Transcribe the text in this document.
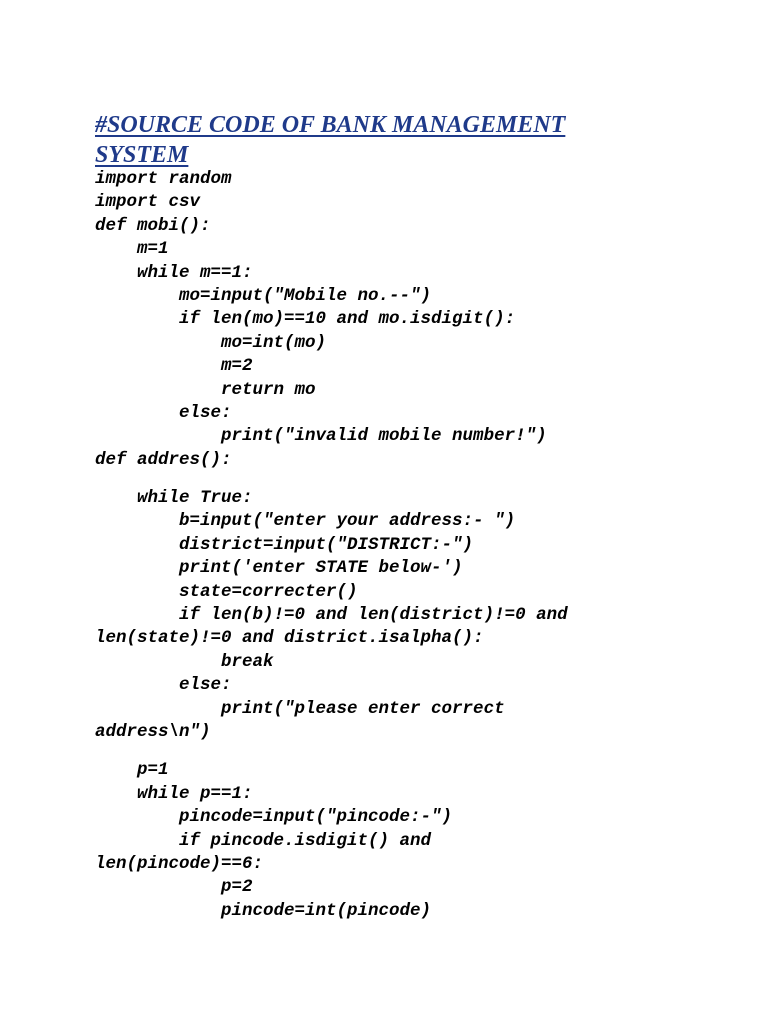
#SOURCE CODE OF BANK MANAGEMENT
SYSTEM
import random
import csv
def mobi():
m=1
while m==1:
mo=input("Mobile no.--")
if len(mo)==10 and mo.isdigit():
mo=int(mo)
m=2
return mo
else:
print("invalid mobile number!")
def addres():
while True:
b=input("enter your address:- ")
district=input("DISTRICT:-")
print('enter STATE below-')
state=correcter()
if len(b)!=0 and len(district)!=0 and
len(state)!=0 and district.isalpha():
break
else:
print("please enter correct
address\n")
p=1
while p==1:
pincode=input("pincode:-")
if pincode.isdigit() and
len(pincode)==6:
p=2
pincode=int(pincode)
